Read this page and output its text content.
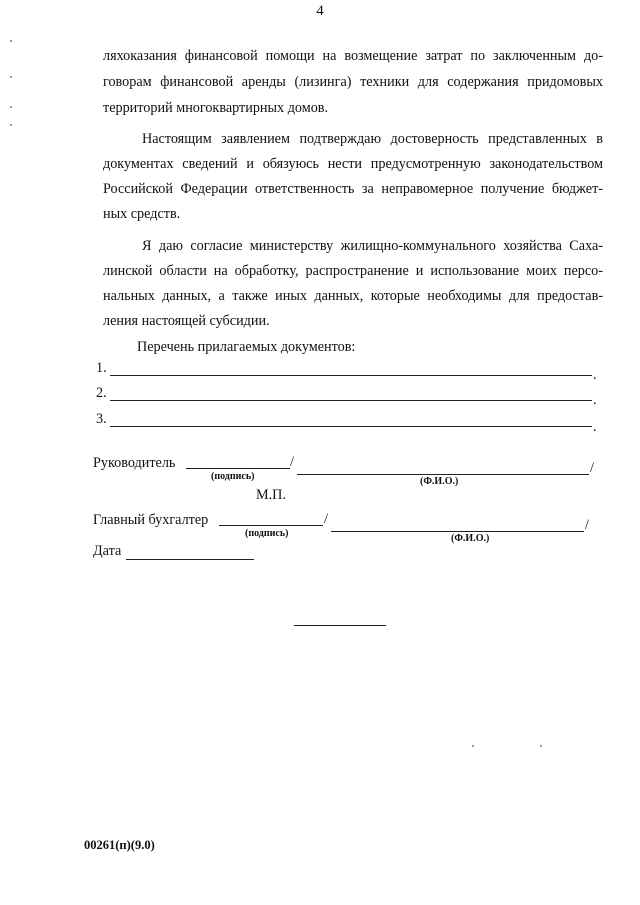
4
ляхоказания финансовой помощи на возмещение затрат по заключенным до-
говорам финансовой аренды (лизинга) техники для содержания придомовых
территорий многоквартирных домов.
Настоящим заявлением подтверждаю достоверность представленных в
документах сведений и обязуюсь нести предусмотренную законодательством
Российской Федерации ответственность за неправомерное получение бюджет-
ных средств.
Я даю согласие министерству жилищно-коммунального хозяйства Саха-
линской области на обработку, распространение и использование моих персо-
нальных данных, а также иных данных, которые необходимы для предостав-
ления настоящей субсидии.
Перечень прилагаемых документов:
1.	.
2.	.
3.	.
Руководитель	/	/
(подпись)	(Ф.И.О.)
М.П.
Главный бухгалтер	/	/
(подпись)	(Ф.И.О.)
Дата
00261(п)(9.0)
